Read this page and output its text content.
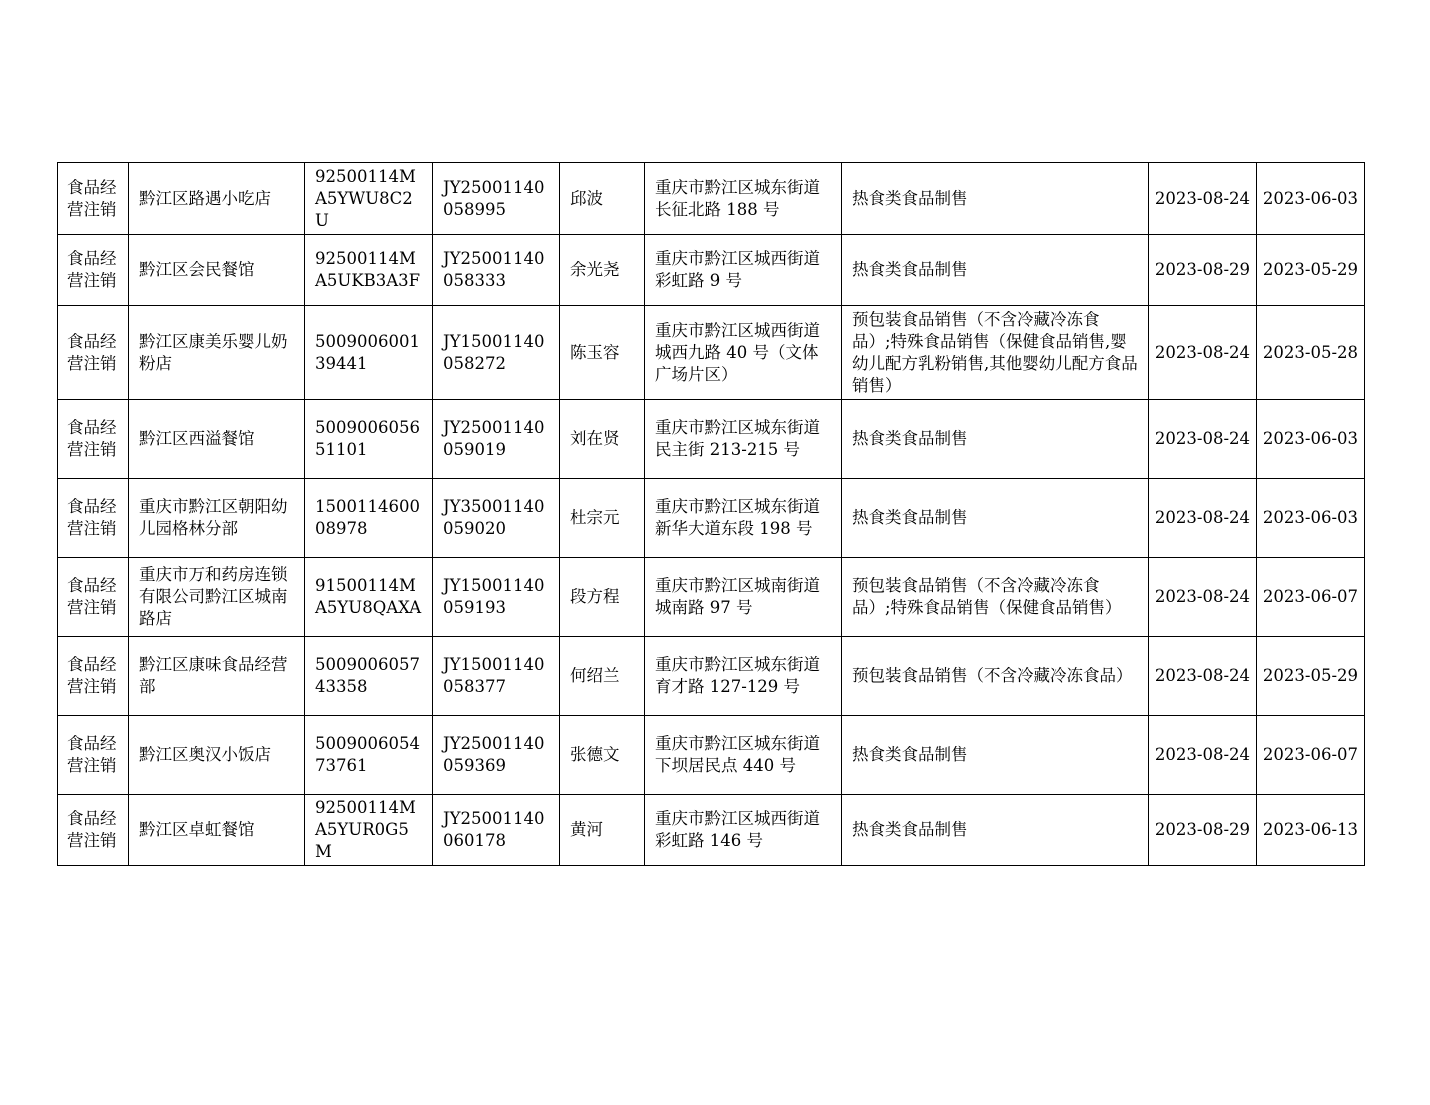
食品经营注销	黔江区路遇小吃店	92500114MA5YWU8C2U	JY25001140058995	邱波	重庆市黔江区城东街道长征北路 188 号	热食类食品制售	2023-08-24	2023-06-03
食品经营注销	黔江区会民餐馆	92500114MA5UKB3A3F	JY25001140058333	余光尧	重庆市黔江区城西街道彩虹路 9 号	热食类食品制售	2023-08-29	2023-05-29
食品经营注销	黔江区康美乐婴儿奶粉店	500900600139441	JY15001140058272	陈玉容	重庆市黔江区城西街道城西九路 40 号（文体广场片区）	预包装食品销售（不含冷藏冷冻食品）;特殊食品销售（保健食品销售,婴幼儿配方乳粉销售,其他婴幼儿配方食品销售）	2023-08-24	2023-05-28
食品经营注销	黔江区西溢餐馆	500900605651101	JY25001140059019	刘在贤	重庆市黔江区城东街道民主街 213-215 号	热食类食品制售	2023-08-24	2023-06-03
食品经营注销	重庆市黔江区朝阳幼儿园格林分部	150011460008978	JY35001140059020	杜宗元	重庆市黔江区城东街道新华大道东段 198 号	热食类食品制售	2023-08-24	2023-06-03
食品经营注销	重庆市万和药房连锁有限公司黔江区城南路店	91500114MA5YU8QAXA	JY15001140059193	段方程	重庆市黔江区城南街道城南路 97 号	预包装食品销售（不含冷藏冷冻食品）;特殊食品销售（保健食品销售）	2023-08-24	2023-06-07
食品经营注销	黔江区康味食品经营部	500900605743358	JY15001140058377	何绍兰	重庆市黔江区城东街道育才路 127-129 号	预包装食品销售（不含冷藏冷冻食品）	2023-08-24	2023-05-29
食品经营注销	黔江区奥汉小饭店	500900605473761	JY25001140059369	张德文	重庆市黔江区城东街道下坝居民点 440 号	热食类食品制售	2023-08-24	2023-06-07
食品经营注销	黔江区卓虹餐馆	92500114MA5YUR0G5M	JY25001140060178	黄河	重庆市黔江区城西街道彩虹路 146 号	热食类食品制售	2023-08-29	2023-06-13
